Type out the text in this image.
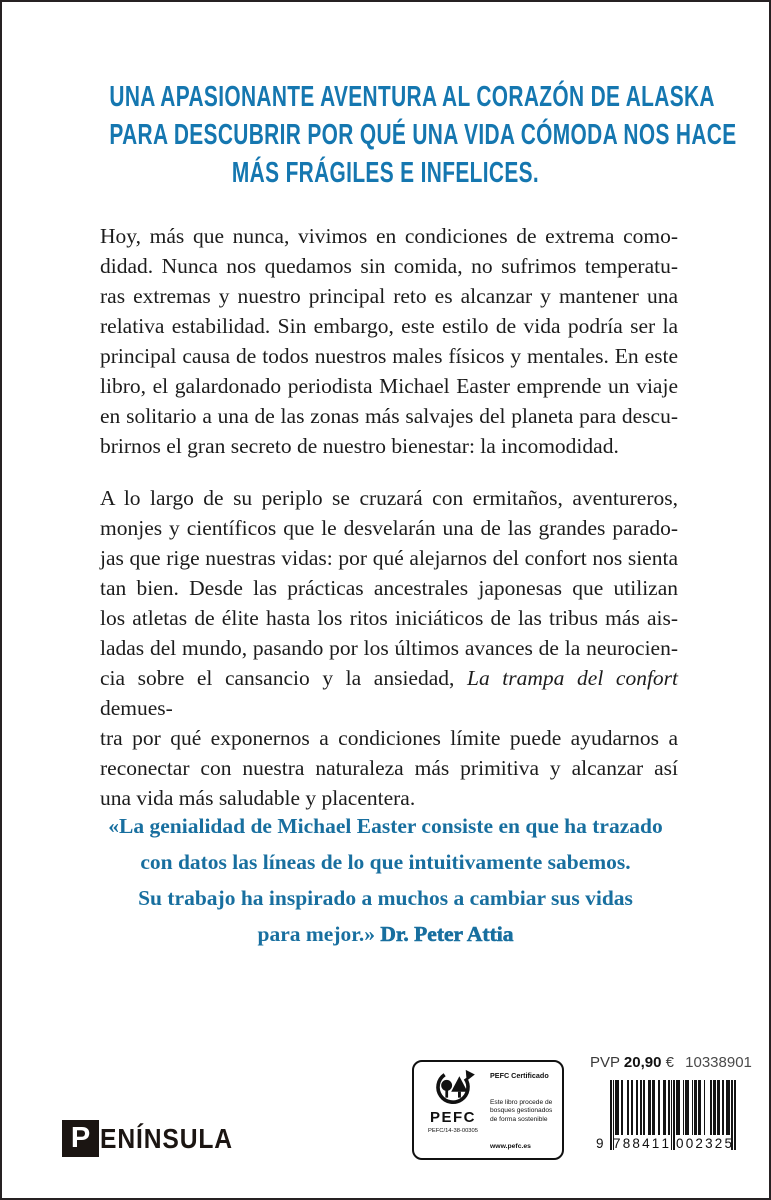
UNA APASIONANTE AVENTURA AL CORAZÓN DE ALASKA
PARA DESCUBRIR POR QUÉ UNA VIDA CÓMODA NOS HACE
MÁS FRÁGILES E INFELICES.
Hoy, más que nunca, vivimos en condiciones de extrema como-
didad. Nunca nos quedamos sin comida, no sufrimos temperatu-
ras extremas y nuestro principal reto es alcanzar y mantener una
relativa estabilidad. Sin embargo, este estilo de vida podría ser la
principal causa de todos nuestros males físicos y mentales. En este
libro, el galardonado periodista Michael Easter emprende un viaje
en solitario a una de las zonas más salvajes del planeta para descu-
brirnos el gran secreto de nuestro bienestar: la incomodidad.
A lo largo de su periplo se cruzará con ermitaños, aventureros,
monjes y científicos que le desvelarán una de las grandes parado-
jas que rige nuestras vidas: por qué alejarnos del confort nos sienta
tan bien. Desde las prácticas ancestrales japonesas que utilizan
los atletas de élite hasta los ritos iniciáticos de las tribus más ais-
ladas del mundo, pasando por los últimos avances de la neurocien-
cia sobre el cansancio y la ansiedad, La trampa del confort demues-
tra por qué exponernos a condiciones límite puede ayudarnos a
reconectar con nuestra naturaleza más primitiva y alcanzar así
una vida más saludable y placentera.
«La genialidad de Michael Easter consiste en que ha trazado
con datos las líneas de lo que intuitivamente sabemos.
Su trabajo ha inspirado a muchos a cambiar sus vidas
para mejor.» Dr. Peter Attia
P ENÍNSULA
PEFC
PEFC/14-38-00305
PEFC Certificado
Este libro procede de bosques gestionados de forma sostenible
www.pefc.es
PVP 20,90 € 10338901
9 7 8 8 4 1 1 0 0 2 3 2 5
